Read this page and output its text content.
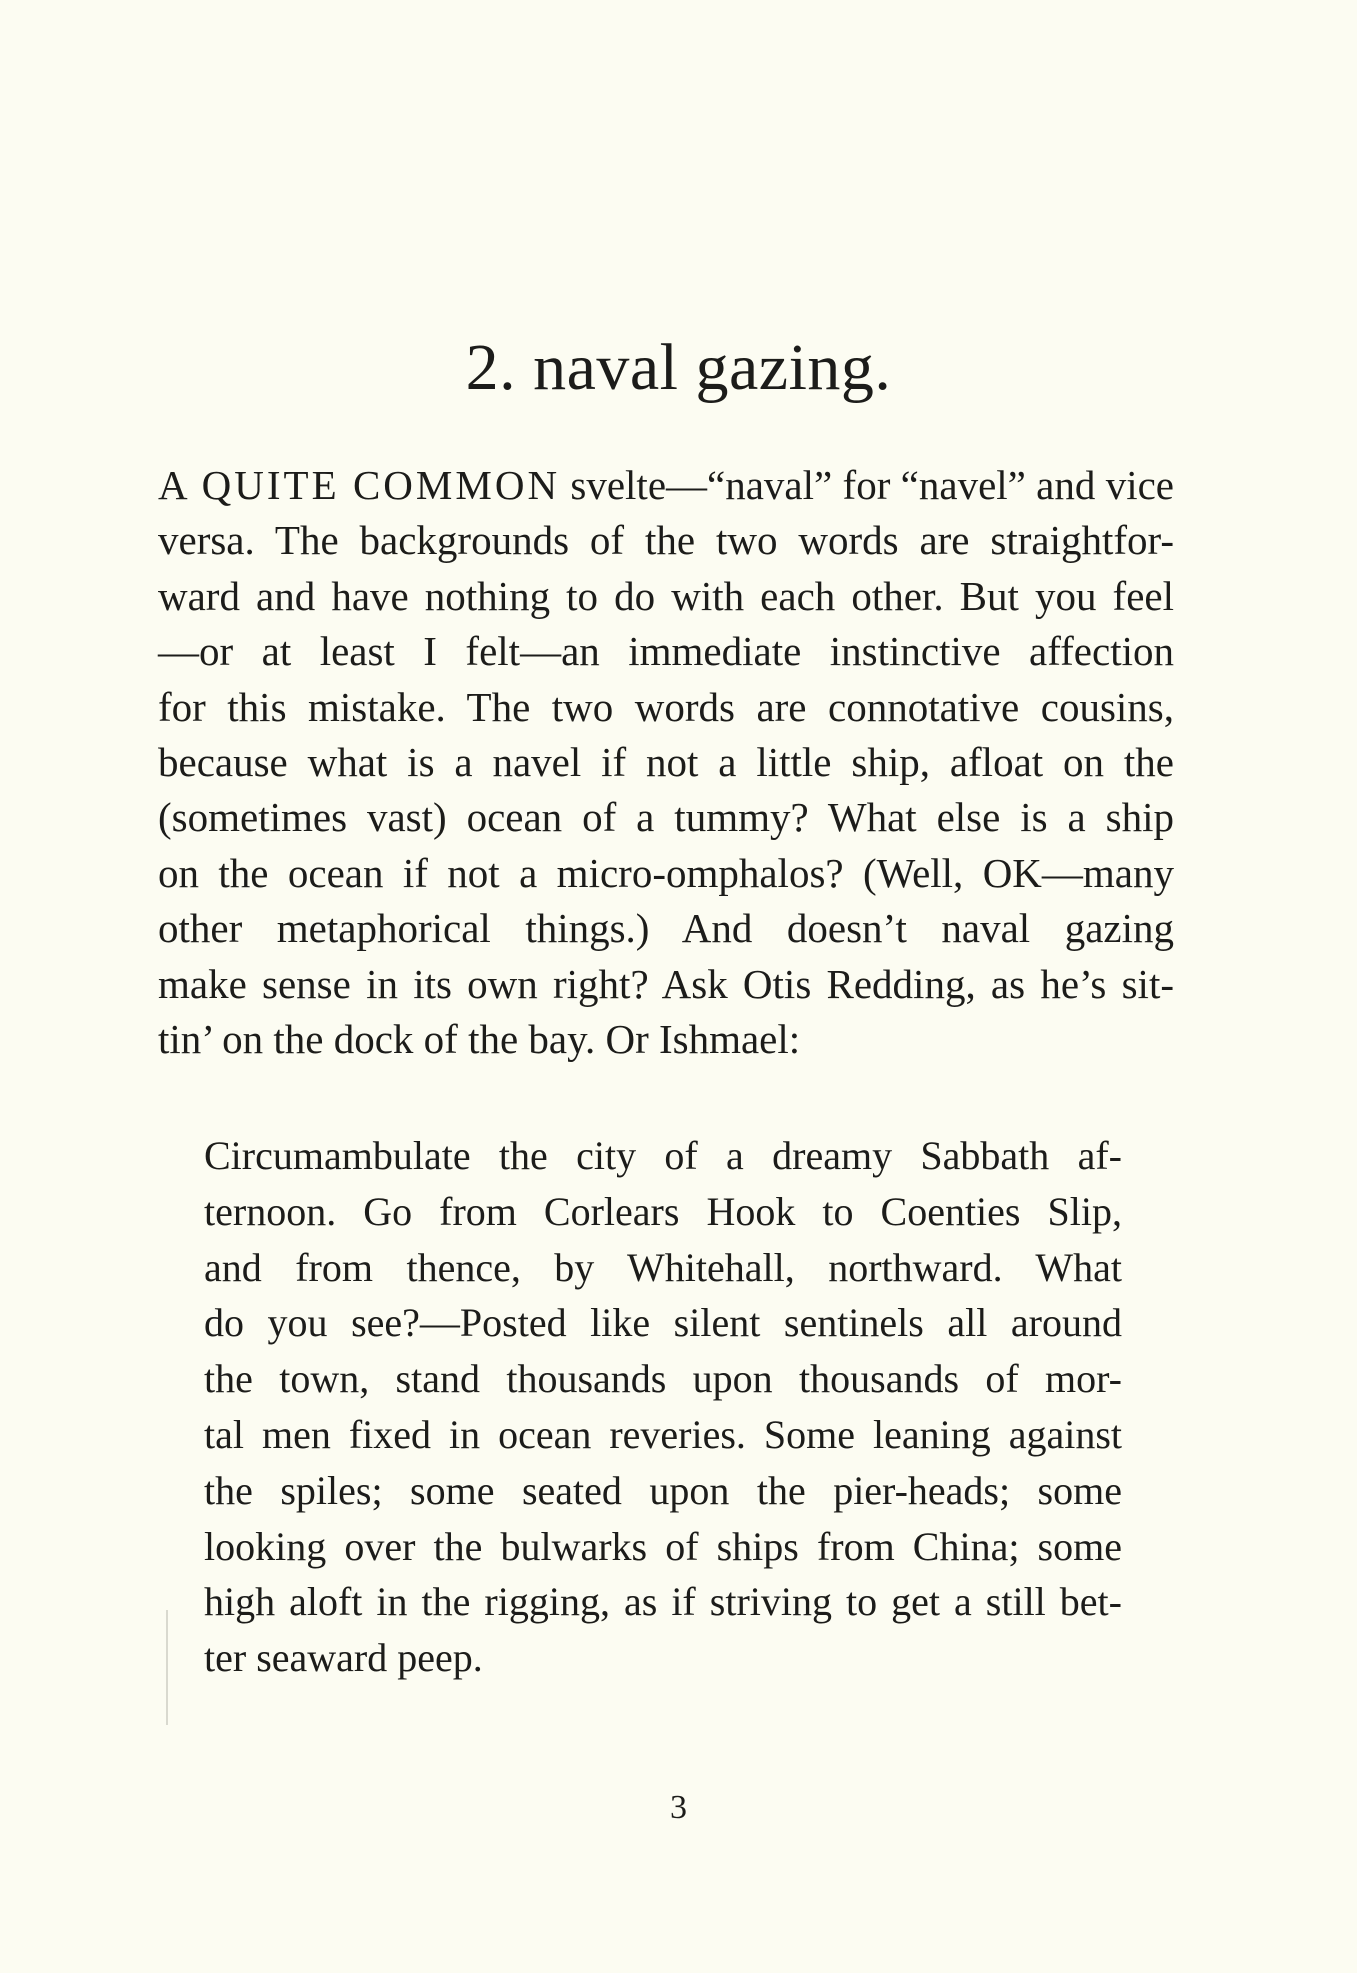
2. naval gazing.
A QUITE COMMON svelte—“naval” for “navel” and vice
versa. The backgrounds of the two words are straightfor-
ward and have nothing to do with each other. But you feel
—or at least I felt—an immediate instinctive affection
for this mistake. The two words are connotative cousins,
because what is a navel if not a little ship, afloat on the
(sometimes vast) ocean of a tummy? What else is a ship
on the ocean if not a micro-omphalos? (Well, OK—many
other metaphorical things.) And doesn’t naval gazing
make sense in its own right? Ask Otis Redding, as he’s sit-
tin’ on the dock of the bay. Or Ishmael:
Circumambulate the city of a dreamy Sabbath af-
ternoon. Go from Corlears Hook to Coenties Slip,
and from thence, by Whitehall, northward. What
do you see?—Posted like silent sentinels all around
the town, stand thousands upon thousands of mor-
tal men fixed in ocean reveries. Some leaning against
the spiles; some seated upon the pier-heads; some
looking over the bulwarks of ships from China; some
high aloft in the rigging, as if striving to get a still bet-
ter seaward peep.
3
